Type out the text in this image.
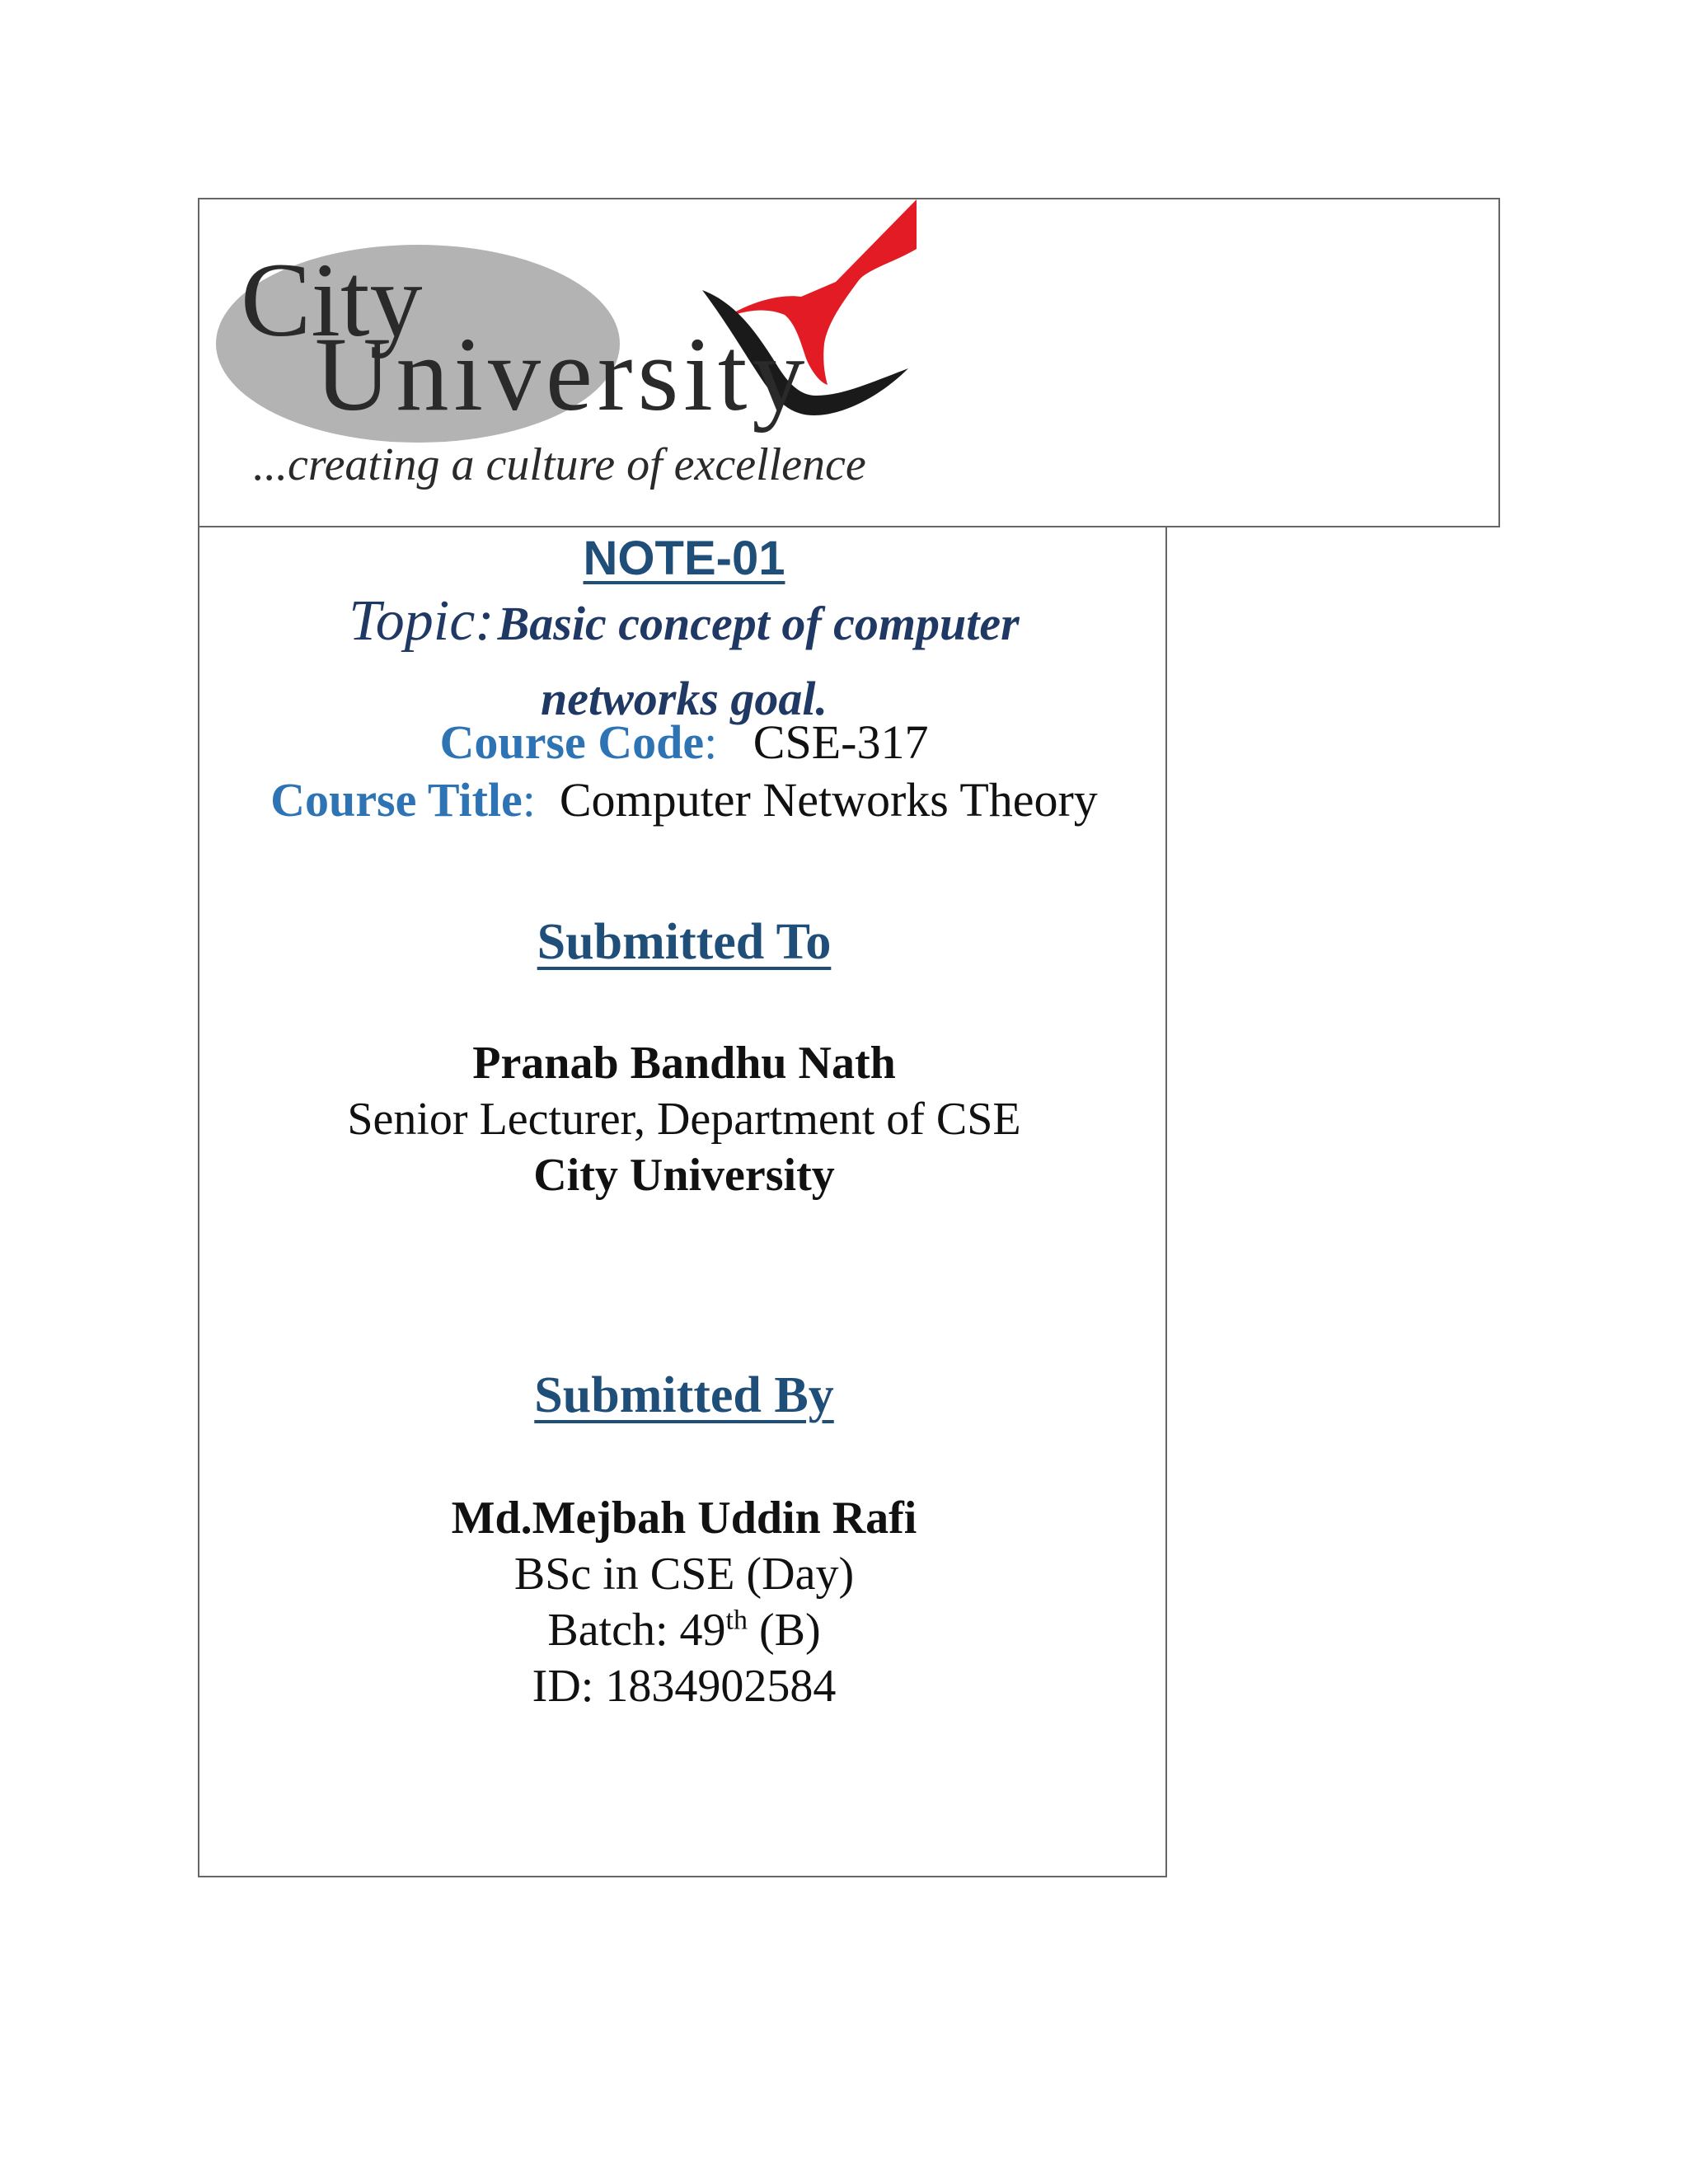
City
University
...creating a culture of excellence
NOTE-01
Topic: Basic concept of computer
networks goal.
Course Code: CSE-317
Course Title: Computer Networks Theory
Submitted To
Pranab Bandhu Nath
Senior Lecturer, Department of CSE
City University
Submitted By
Md.Mejbah Uddin Rafi
BSc in CSE (Day)
Batch: 49th (B)
ID: 1834902584
